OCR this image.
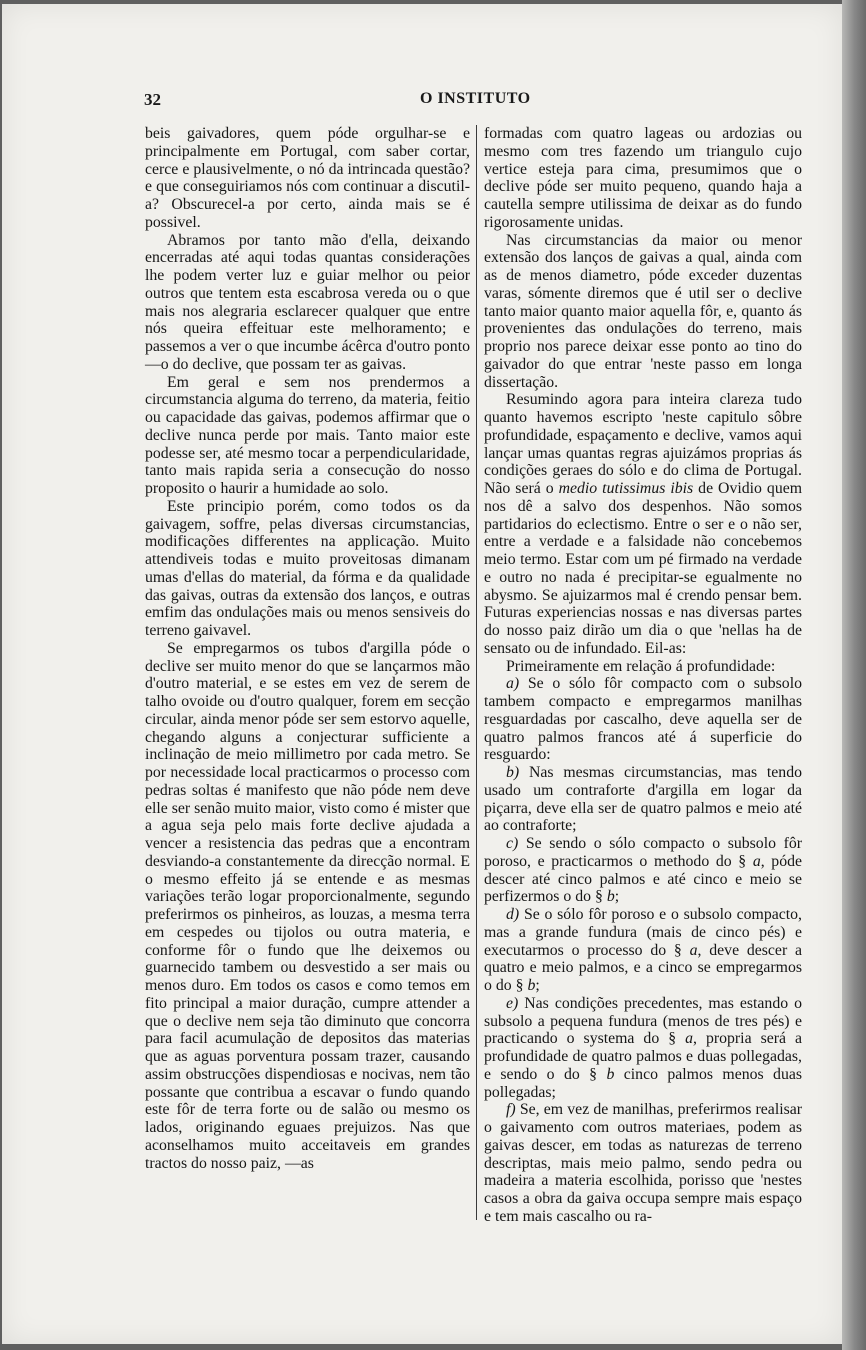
32	O INSTITUTO

beis gaivadores, quem póde orgulhar-se e principalmente em Portugal, com saber cortar, cerce e plausivelmente, o nó da intrincada questão? e que conseguiriamos nós com continuar a discutil-a? Obscurecel-a por certo, ainda mais se é possivel.

Abramos por tanto mão d'ella, deixando encerradas até aqui todas quantas considerações lhe podem verter luz e guiar melhor ou peior outros que tentem esta escabrosa vereda ou o que mais nos alegraria esclarecer qualquer que entre nós queira effeituar este melhoramento; e passemos a ver o que incumbe ácêrca d'outro ponto—o do declive, que possam ter as gaivas.

Em geral e sem nos prendermos a circumstancia alguma do terreno, da materia, feitio ou capacidade das gaivas, podemos affirmar que o declive nunca perde por mais. Tanto maior este podesse ser, até mesmo tocar a perpendicularidade, tanto mais rapida seria a consecução do nosso proposito o haurir a humidade ao solo.

Este principio porém, como todos os da gaivagem, soffre, pelas diversas circumstancias, modificações differentes na applicação. Muito attendiveis todas e muito proveitosas dimanam umas d'ellas do material, da fórma e da qualidade das gaivas, outras da extensão dos lanços, e outras emfim das ondulações mais ou menos sensiveis do terreno gaivavel.

Se empregarmos os tubos d'argilla póde o declive ser muito menor do que se lançarmos mão d'outro material, e se estes em vez de serem de talho ovoide ou d'outro qualquer, forem em secção circular, ainda menor póde ser sem estorvo aquelle, chegando alguns a conjecturar sufficiente a inclinação de meio millimetro por cada metro. Se por necessidade local practicarmos o processo com pedras soltas é manifesto que não póde nem deve elle ser senão muito maior, visto como é mister que a agua seja pelo mais forte declive ajudada a vencer a resistencia das pedras que a encontram desviando-a constantemente da direcção normal. E o mesmo effeito já se entende e as mesmas variações terão logar proporcionalmente, segundo preferirmos os pinheiros, as louzas, a mesma terra em cespedes ou tijolos ou outra materia, e conforme fôr o fundo que lhe deixemos ou guarnecido tambem ou desvestido a ser mais ou menos duro. Em todos os casos e como temos em fito principal a maior duração, cumpre attender a que o declive nem seja tão diminuto que concorra para facil acumulação de depositos das materias que as aguas porventura possam trazer, causando assim obstrucções dispendiosas e nocivas, nem tão possante que contribua a escavar o fundo quando este fôr de terra forte ou de salão ou mesmo os lados, originando eguaes prejuizos. Nas que aconselhamos muito acceitaveis em grandes tractos do nosso paiz, —as

formadas com quatro lageas ou ardozias ou mesmo com tres fazendo um triangulo cujo vertice esteja para cima, presumimos que o declive póde ser muito pequeno, quando haja a cautella sempre utilissima de deixar as do fundo rigorosamente unidas.

Nas circumstancias da maior ou menor extensão dos lanços de gaivas a qual, ainda com as de menos diametro, póde exceder duzentas varas, sómente diremos que é util ser o declive tanto maior quanto maior aquella fôr, e, quanto ás provenientes das ondulações do terreno, mais proprio nos parece deixar esse ponto ao tino do gaivador do que entrar 'neste passo em longa dissertação.

Resumindo agora para inteira clareza tudo quanto havemos escripto 'neste capitulo sôbre profundidade, espaçamento e declive, vamos aqui lançar umas quantas regras ajuizámos proprias ás condições geraes do sólo e do clima de Portugal. Não será o medio tutissimus ibis de Ovidio quem nos dê a salvo dos despenhos. Não somos partidarios do eclectismo. Entre o ser e o não ser, entre a verdade e a falsidade não concebemos meio termo. Estar com um pé firmado na verdade e outro no nada é precipitar-se egualmente no abysmo. Se ajuizarmos mal é crendo pensar bem. Futuras experiencias nossas e nas diversas partes do nosso paiz dirão um dia o que 'nellas ha de sensato ou de infundado. Eil-as:

Primeiramente em relação á profundidade:

a) Se o sólo fôr compacto com o subsolo tambem compacto e empregarmos manilhas resguardadas por cascalho, deve aquella ser de quatro palmos francos até á superficie do resguardo:

b) Nas mesmas circumstancias, mas tendo usado um contraforte d'argilla em logar da piçarra, deve ella ser de quatro palmos e meio até ao contraforte;

c) Se sendo o sólo compacto o subsolo fôr poroso, e practicarmos o methodo do § a, póde descer até cinco palmos e até cinco e meio se perfizermos o do § b;

d) Se o sólo fôr poroso e o subsolo compacto, mas a grande fundura (mais de cinco pés) e executarmos o processo do § a, deve descer a quatro e meio palmos, e a cinco se empregarmos o do § b;

e) Nas condições precedentes, mas estando o subsolo a pequena fundura (menos de tres pés) e practicando o systema do § a, propria será a profundidade de quatro palmos e duas pollegadas, e sendo o do § b cinco palmos menos duas pollegadas;

f) Se, em vez de manilhas, preferirmos realisar o gaivamento com outros materiaes, podem as gaivas descer, em todas as naturezas de terreno descriptas, mais meio palmo, sendo pedra ou madeira a materia escolhida, porisso que 'nestes casos a obra da gaiva occupa sempre mais espaço e tem mais cascalho ou ra-
